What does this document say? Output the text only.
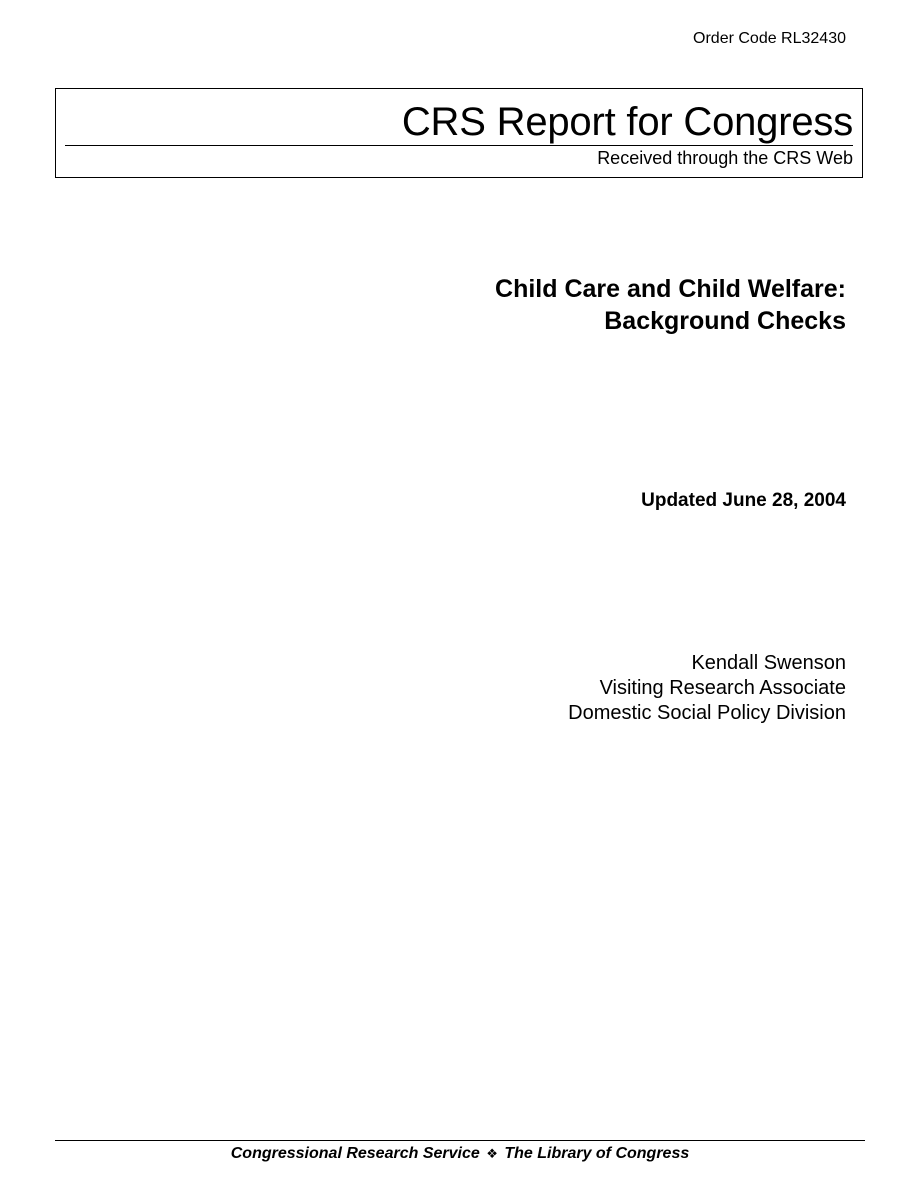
Order Code RL32430
CRS Report for Congress
Received through the CRS Web
Child Care and Child Welfare:
Background Checks
Updated June 28, 2004
Kendall Swenson
Visiting Research Associate
Domestic Social Policy Division
Congressional Research Service ❖ The Library of Congress
